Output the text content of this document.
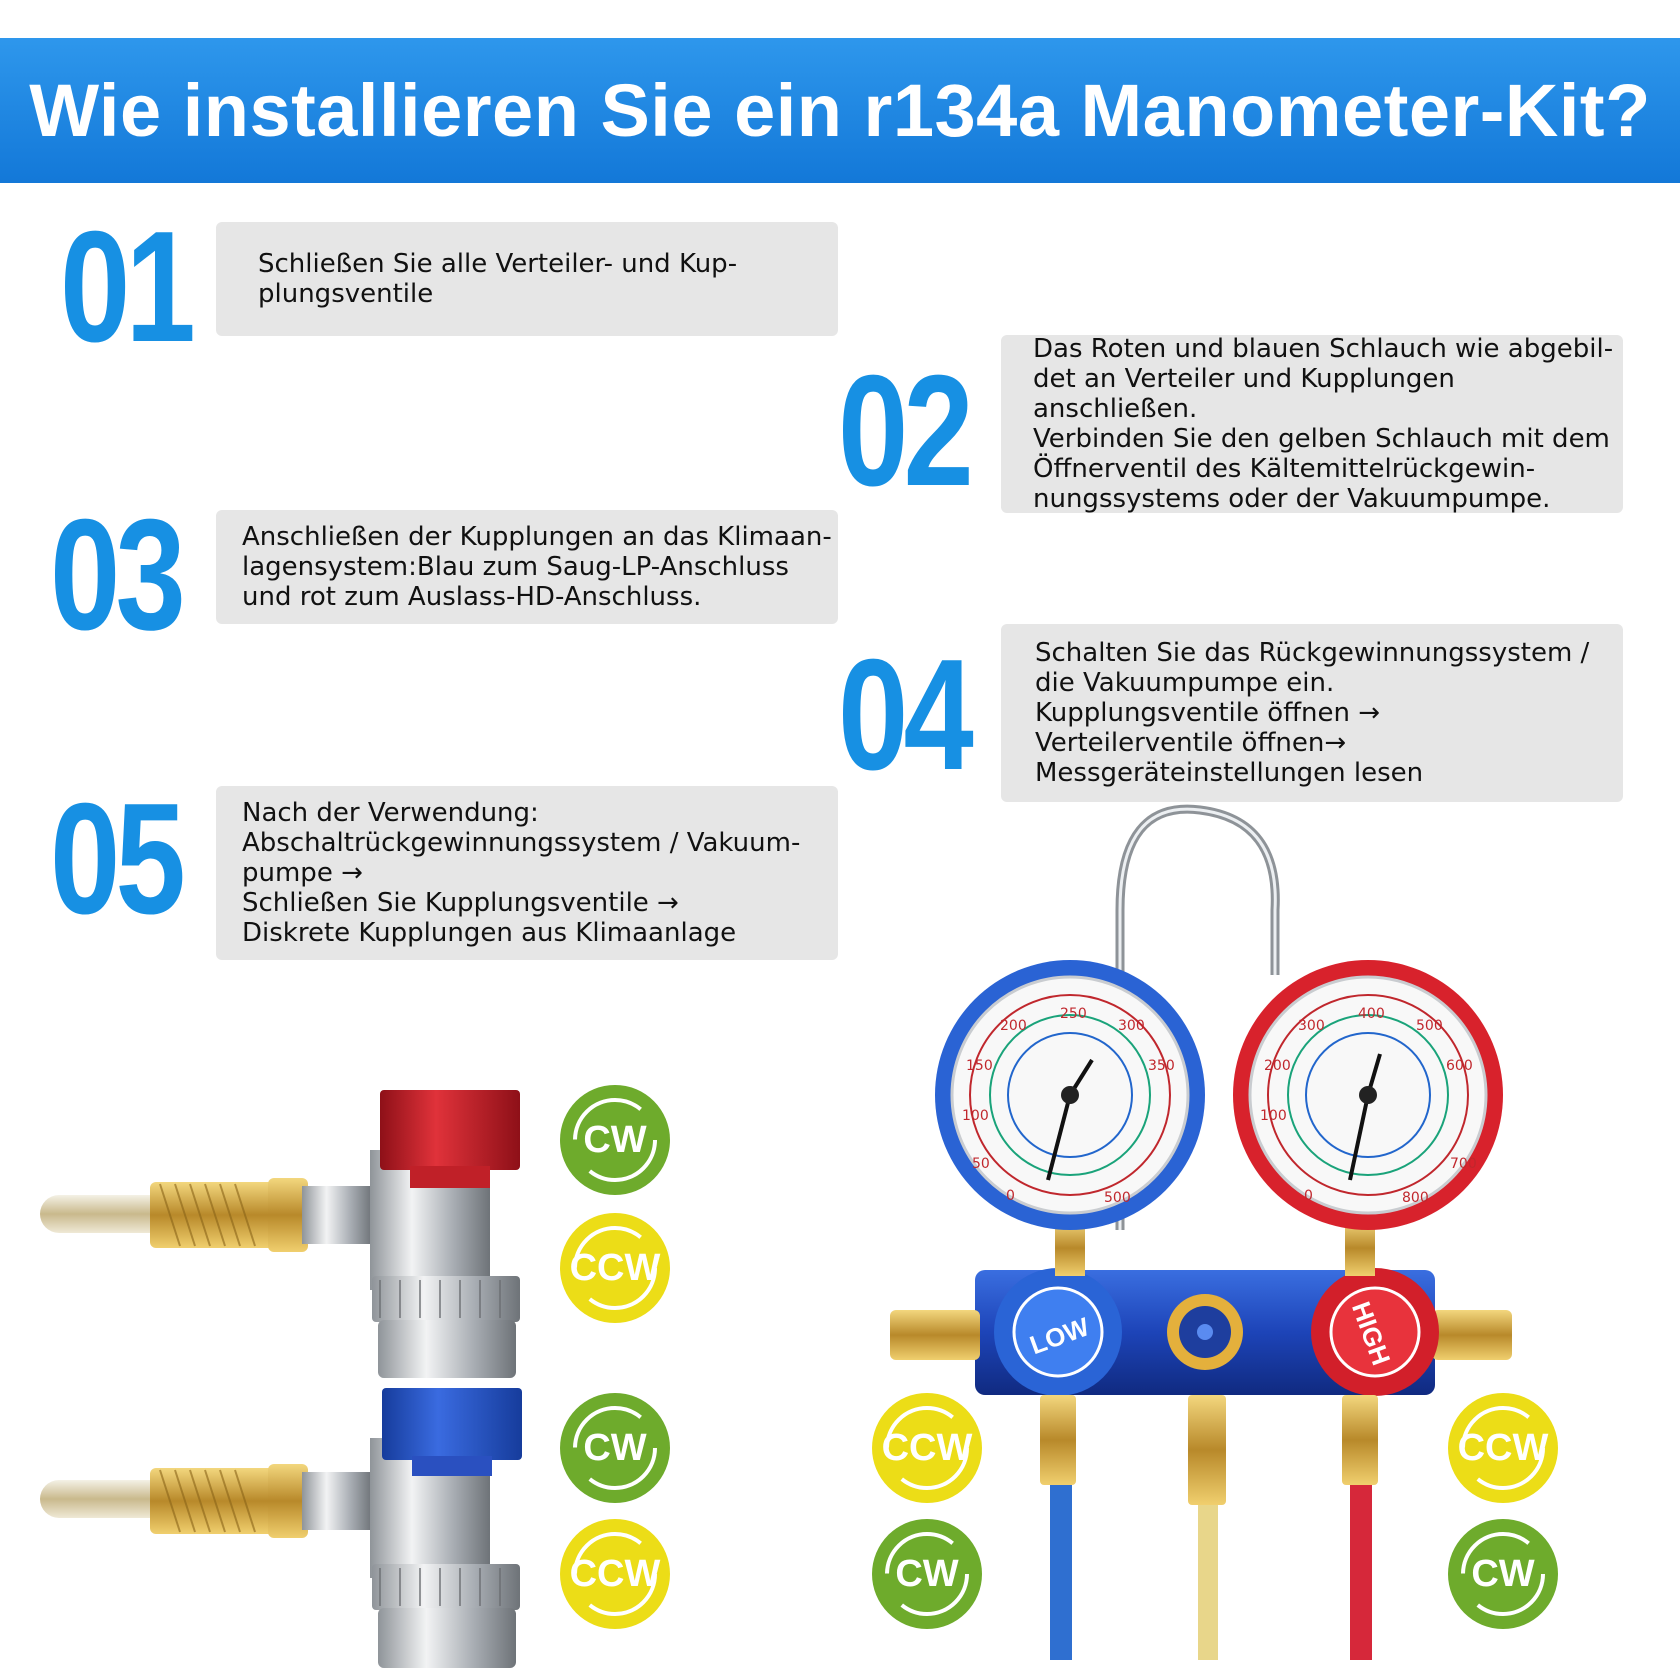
Wie installieren Sie ein r134a Manometer-Kit?
01	Schließen Sie alle Verteiler- und Kup-
plungsventile

02 Das Roten und blauen Schlauch wie abgebil-
det an Verteiler und Kupplungen anschließen.
Verbinden Sie den gelben Schlauch mit dem
Öffnerventil des Kältemittelrückgewin-
nungssystems oder der Vakuumpumpe.

03 Anschließen der Kupplungen an das Klimaan-
lagensystem:Blau zum Saug-LP-Anschluss
und rot zum Auslass-HD-Anschluss.

04	Schalten Sie das Rückgewinnungssystem /
die Vakuumpumpe ein.
Kupplungsventile öffnen →
Verteilerventile öffnen→
Messgeräteinstellungen lesen

05 Nach der Verwendung:
Abschaltrückgewinnungssystem / Vakuum-
pumpe →
Schließen Sie Kupplungsventile →
Diskrete Kupplungen aus Klimaanlage

LOW	HIGH
250
200	300
150	350
100
50
0	500
400
300	500
200	600
100
700
0	800
CW
CCW
CW
CCW
CCW
CW
CCW
CW
